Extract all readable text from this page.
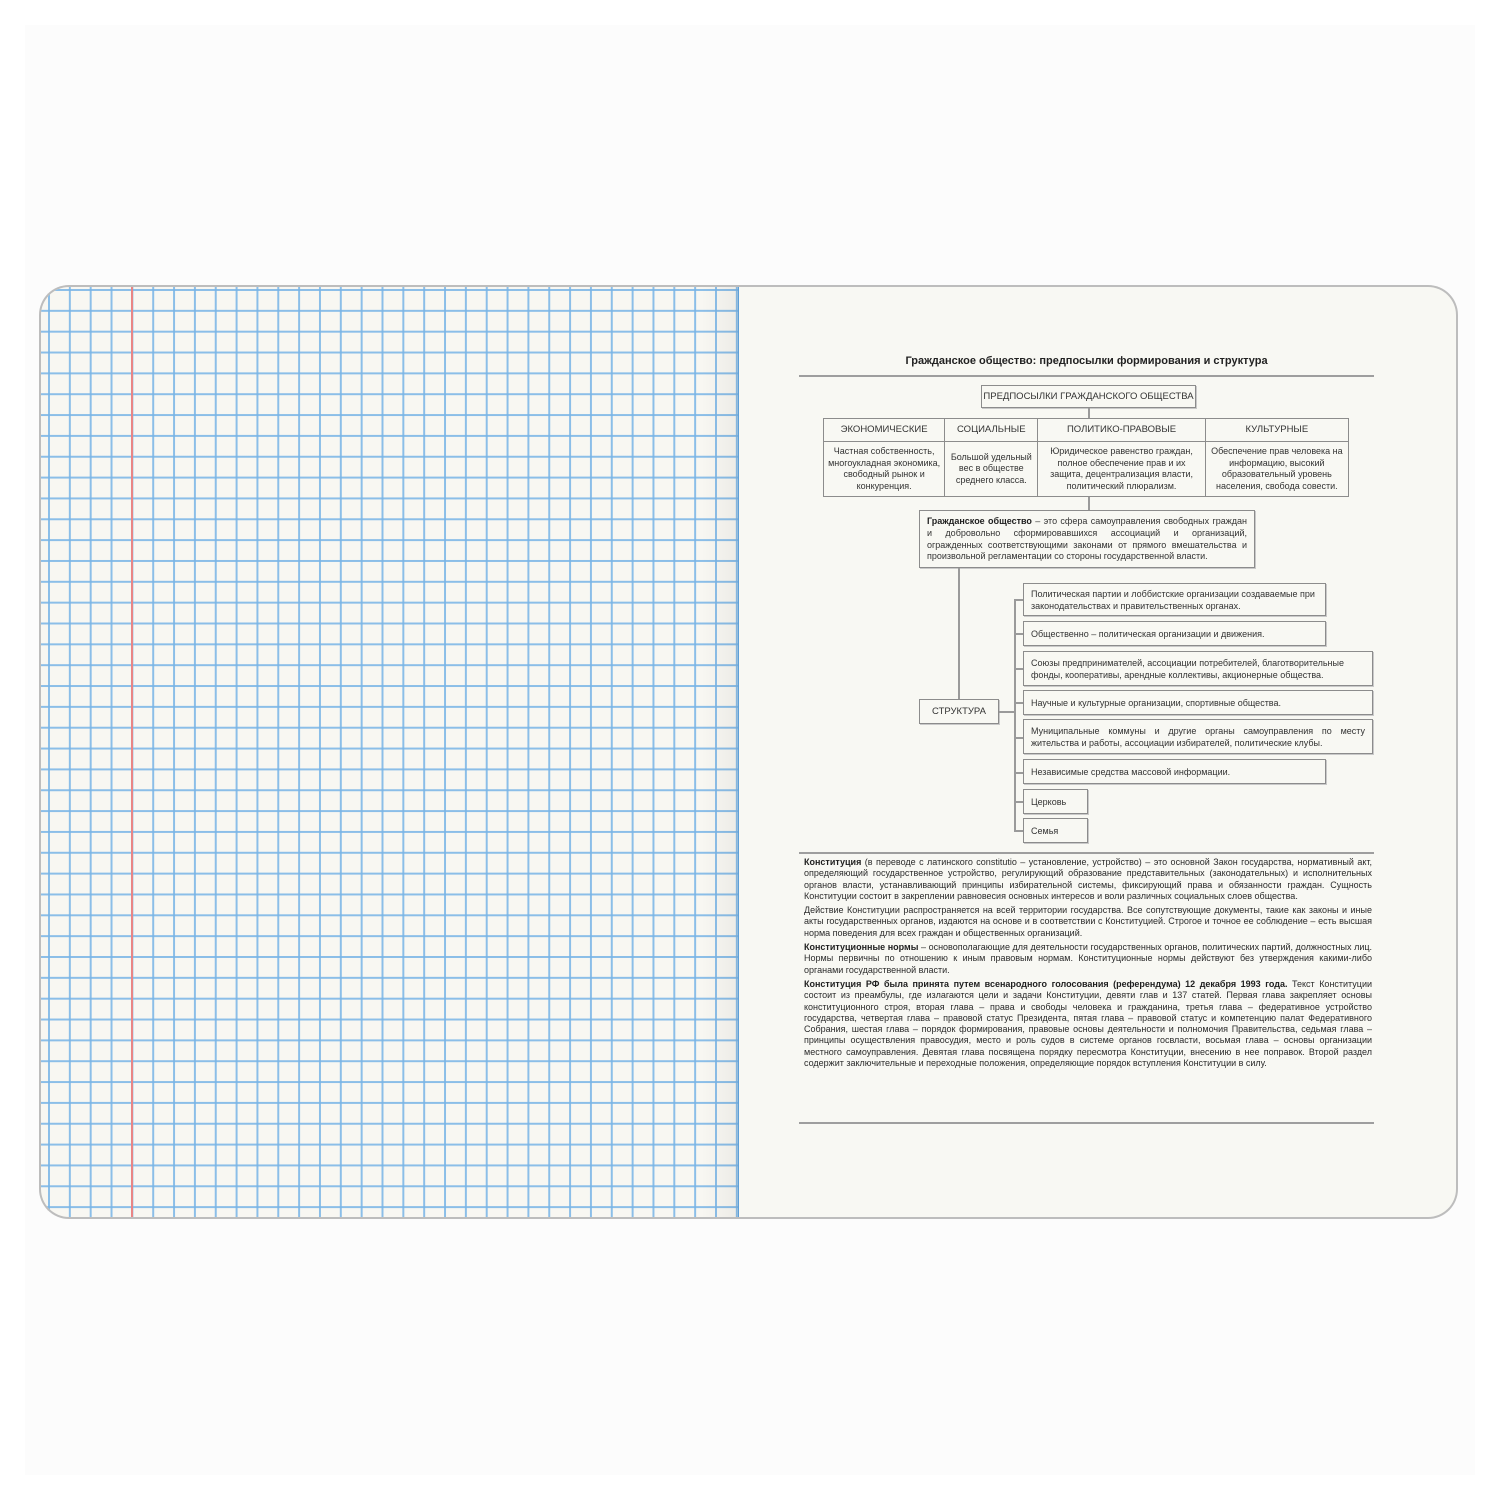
Гражданское общество: предпосылки формирования и структура
ПРЕДПОСЫЛКИ ГРАЖДАНСКОГО ОБЩЕСТВА
ЭКОНОМИЧЕСКИЕ	СОЦИАЛЬНЫЕ	ПОЛИТИКО-ПРАВОВЫЕ	КУЛЬТУРНЫЕ
Частная собственность, многоукладная экономика, свободный рынок и конкуренция.	Большой удельный вес в обществе среднего класса.	Юридическое равенство граждан, полное обеспечение прав и их защита, децентрализация власти, политический плюрализм.	Обеспечение прав человека на информацию, высокий образовательный уровень населения, свобода совести.
Гражданское общество – это сфера самоуправления свободных граждан и добровольно сформировавшихся ассоциаций и организаций, огражденных соответствующими законами от прямого вмешательства и произвольной регламентации со стороны государственной власти.
СТРУКТУРА
Политическая партии и лоббистские организации создаваемые при законодательствах и правительственных органах.
Общественно – политическая организации и движения.
Союзы предпринимателей, ассоциации потребителей, благотворительные фонды, кооперативы, арендные коллективы, акционерные общества.
Научные и культурные организации, спортивные общества.
Муниципальные коммуны и другие органы самоуправления по месту жительства и работы, ассоциации избирателей, политические клубы.
Независимые средства массовой информации.
Церковь
Семья

Конституция (в переводе с латинского constitutio – установление, устройство) – это основной Закон государства, нормативный акт, определяющий государственное устройство, регулирующий образование представительных (законодательных) и исполнительных органов власти, устанавливающий принципы избирательной системы, фиксирующий права и обязанности граждан. Сущность Конституции состоит в закреплении равновесия основных интересов и воли различных социальных слоев общества.

Действие Конституции распространяется на всей территории государства. Все сопутствующие документы, такие как законы и иные акты государственных органов, издаются на основе и в соответствии с Конституцией. Строгое и точное ее соблюдение – есть высшая норма поведения для всех граждан и общественных организаций.

Конституционные нормы – основополагающие для деятельности государственных органов, политических партий, должностных лиц. Нормы первичны по отношению к иным правовым нормам. Конституционные нормы действуют без утверждения какими-либо органами государственной власти.

Конституция РФ была принята путем всенародного голосования (референдума) 12 декабря 1993 года. Текст Конституции состоит из преамбулы, где излагаются цели и задачи Конституции, девяти глав и 137 статей. Первая глава закрепляет основы конституционного строя, вторая глава – права и свободы человека и гражданина, третья глава – федеративное устройство государства, четвертая глава – правовой статус Президента, пятая глава – правовой статус и компетенцию палат Федеративного Собрания, шестая глава – порядок формирования, правовые основы деятельности и полномочия Правительства, седьмая глава – принципы осуществления правосудия, место и роль судов в системе органов госвласти, восьмая глава – основы организации местного самоуправления. Девятая глава посвящена порядку пересмотра Конституции, внесению в нее поправок. Второй раздел содержит заключительные и переходные положения, определяющие порядок вступления Конституции в силу.
